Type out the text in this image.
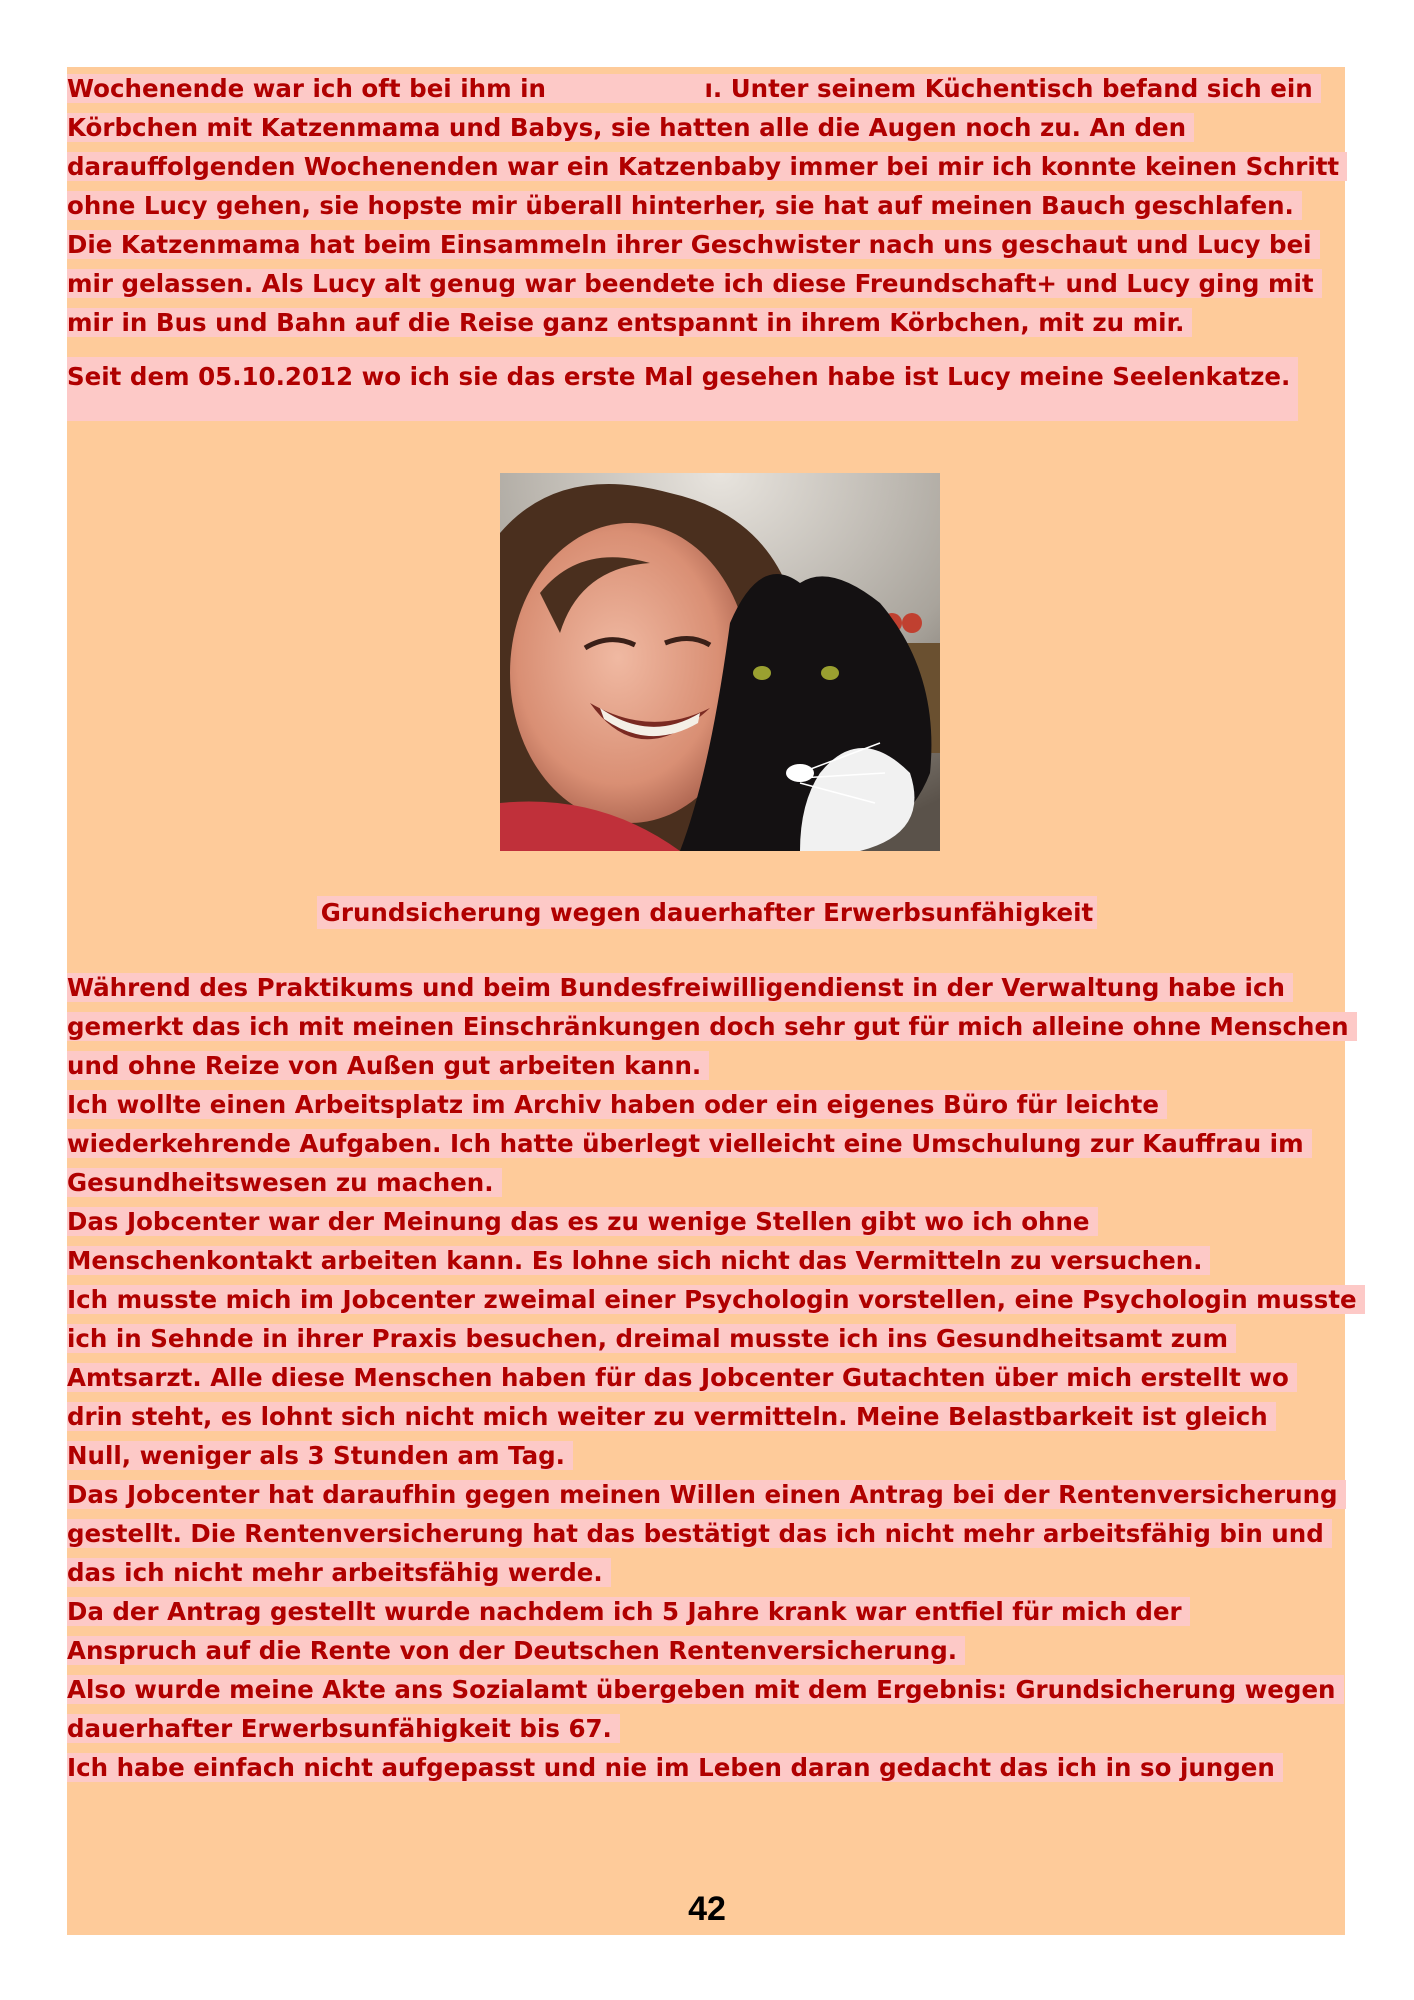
Wochenende war ich oft bei ihm in	ı. Unter seinem Küchentisch befand sich ein
Körbchen mit Katzenmama und Babys, sie hatten alle die Augen noch zu. An den
darauffolgenden Wochenenden war ein Katzenbaby immer bei mir ich konnte keinen Schritt
ohne Lucy gehen, sie hopste mir überall hinterher, sie hat auf meinen Bauch geschlafen.
Die Katzenmama hat beim Einsammeln ihrer Geschwister nach uns geschaut und Lucy bei
mir gelassen. Als Lucy alt genug war beendete ich diese Freundschaft+ und Lucy ging mit
mir in Bus und Bahn auf die Reise ganz entspannt in ihrem Körbchen, mit zu mir.
Seit dem 05.10.2012 wo ich sie das erste Mal gesehen habe ist Lucy meine Seelenkatze.
Grundsicherung wegen dauerhafter Erwerbsunfähigkeit
Während des Praktikums und beim Bundesfreiwilligendienst in der Verwaltung habe ich
gemerkt das ich mit meinen Einschränkungen doch sehr gut für mich alleine ohne Menschen
und ohne Reize von Außen gut arbeiten kann.
Ich wollte einen Arbeitsplatz im Archiv haben oder ein eigenes Büro für leichte
wiederkehrende Aufgaben. Ich hatte überlegt vielleicht eine Umschulung zur Kauffrau im
Gesundheitswesen zu machen.
Das Jobcenter war der Meinung das es zu wenige Stellen gibt wo ich ohne
Menschenkontakt arbeiten kann. Es lohne sich nicht das Vermitteln zu versuchen.
Ich musste mich im Jobcenter zweimal einer Psychologin vorstellen, eine Psychologin musste
ich in Sehnde in ihrer Praxis besuchen, dreimal musste ich ins Gesundheitsamt zum
Amtsarzt. Alle diese Menschen haben für das Jobcenter Gutachten über mich erstellt wo
drin steht, es lohnt sich nicht mich weiter zu vermitteln. Meine Belastbarkeit ist gleich
Null, weniger als 3 Stunden am Tag.
Das Jobcenter hat daraufhin gegen meinen Willen einen Antrag bei der Rentenversicherung
gestellt. Die Rentenversicherung hat das bestätigt das ich nicht mehr arbeitsfähig bin und
das ich nicht mehr arbeitsfähig werde.
Da der Antrag gestellt wurde nachdem ich 5 Jahre krank war entfiel für mich der
Anspruch auf die Rente von der Deutschen Rentenversicherung.
Also wurde meine Akte ans Sozialamt übergeben mit dem Ergebnis: Grundsicherung wegen
dauerhafter Erwerbsunfähigkeit bis 67.
Ich habe einfach nicht aufgepasst und nie im Leben daran gedacht das ich in so jungen
42
